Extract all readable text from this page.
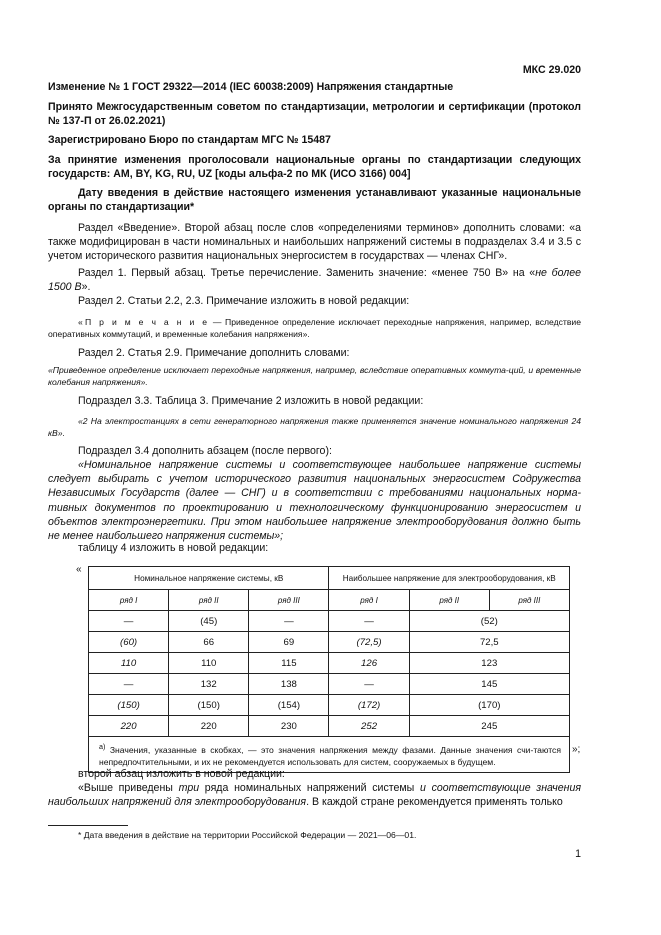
МКС 29.020
Изменение № 1 ГОСТ 29322—2014 (IEC 60038:2009) Напряжения стандартные
Принято Межгосударственным советом по стандартизации, метрологии и сертификации (протокол № 137-П от 26.02.2021)
Зарегистрировано Бюро по стандартам МГС № 15487
За принятие изменения проголосовали национальные органы по стандартизации следующих государств: AM, BY, KG, RU, UZ [коды альфа-2 по МК (ИСО 3166) 004]
Дату введения в действие настоящего изменения устанавливают указанные национальные органы по стандартизации*
Раздел «Введение». Второй абзац после слов «определениями терминов» дополнить словами: «а также модифицирован в части номинальных и наибольших напряжений системы в подразделах 3.4 и 3.5 с учетом исторического развития национальных энергосистем в государствах — членах СНГ».
Раздел 1. Первый абзац. Третье перечисление. Заменить значение: «менее 750 В» на «не более 1500 В».
Раздел 2. Статьи 2.2, 2.3. Примечание изложить в новой редакции:
«П р и м е ч а н и е — Приведенное определение исключает переходные напряжения, например, вследствие оперативных коммутаций, и временные колебания напряжения».
Раздел 2. Статья 2.9. Примечание дополнить словами:
«Приведенное определение исключает переходные напряжения, например, вследствие оперативных коммута-ций, и временные колебания напряжения».
Подраздел 3.3. Таблица 3. Примечание 2 изложить в новой редакции:
«2 На электростанциях в сети генераторного напряжения также применяется значение номинального напряжения 24 кВ».
Подраздел 3.4 дополнить абзацем (после первого):
«Номинальное напряжение системы и соответствующее наибольшее напряжение системы следует выбирать с учетом исторического развития национальных энергосистем Содружества Независимых Государств (далее — СНГ) и в соответствии с требованиями национальных норма-тивных документов по проектированию и технологическому функционированию энергосистем и объектов электроэнергетики. При этом наибольшее напряжение электрооборудования должно быть не менее наибольшего напряжения системы»;
таблицу 4 изложить в новой редакции:
«
Номинальное напряжение системы, кВ			Наибольшее напряжение для электрооборудования, кВ		
ряд I	ряд II	ряд III	ряд I	ряд II	ряд III
—	(45)	—	—	(52)	
(60)	66	69	(72,5)	72,5	
110	110	115	126	123	
—	132	138	—	145	
(150)	(150)	(154)	(172)	(170)	
220	220	230	252	245	
$^{а)}$ Значения, указанные в скобках, — это значения напряжения между фазами. Данные значения счи-таются непредпочтительными, и их не рекомендуется использовать для систем, сооружаемых в будущем.					
»;
второй абзац изложить в новой редакции:
«Выше приведены три ряда номинальных напряжений системы и соответствующие значения наибольших напряжений для электрооборудования. В каждой стране рекомендуется применять только
* Дата введения в действие на территории Российской Федерации — 2021—06—01.
1
